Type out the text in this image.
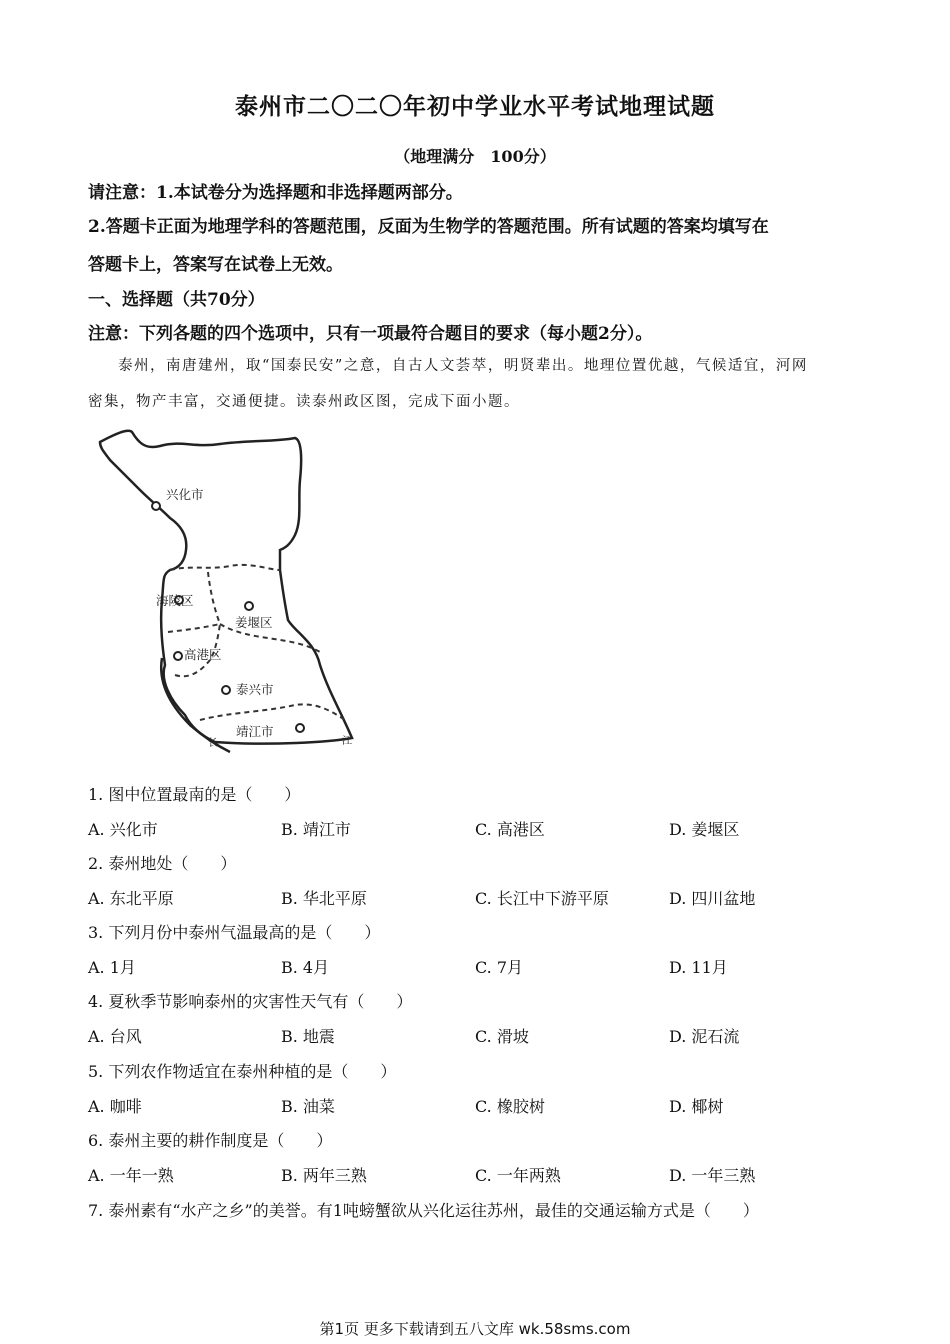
泰州市二〇二〇年初中学业水平考试地理试题
（地理满分　100分）
请注意：1.本试卷分为选择题和非选择题两部分。
2.答题卡正面为地理学科的答题范围，反面为生物学的答题范围。所有试题的答案均填写在
答题卡上，答案写在试卷上无效。
一、选择题（共70分）
注意：下列各题的四个选项中，只有一项最符合题目的要求（每小题2分）。
泰州，南唐建州，取“国泰民安”之意，自古人文荟萃，明贤辈出。地理位置优越，气候适宜，河网
密集，物产丰富，交通便捷。读泰州政区图，完成下面小题。
兴化市
海陵区
姜堰区
高港区
泰兴市
靖江市
长	江
1. 图中位置最南的是（　　）
A. 兴化市	B. 靖江市	C. 高港区	D. 姜堰区
2. 泰州地处（　　）
A. 东北平原	B. 华北平原	C. 长江中下游平原	D. 四川盆地
3. 下列月份中泰州气温最高的是（　　）
A. 1月	B. 4月	C. 7月	D. 11月
4. 夏秋季节影响泰州的灾害性天气有（　　）
A. 台风	B. 地震	C. 滑坡	D. 泥石流
5. 下列农作物适宜在泰州种植的是（　　）
A. 咖啡	B. 油菜	C. 橡胶树	D. 椰树
6. 泰州主要的耕作制度是（　　）
A. 一年一熟	B. 两年三熟	C. 一年两熟	D. 一年三熟
7. 泰州素有“水产之乡”的美誉。有1吨螃蟹欲从兴化运往苏州，最佳的交通运输方式是（　　）
第1页 更多下载请到五八文库 wk.58sms.com
